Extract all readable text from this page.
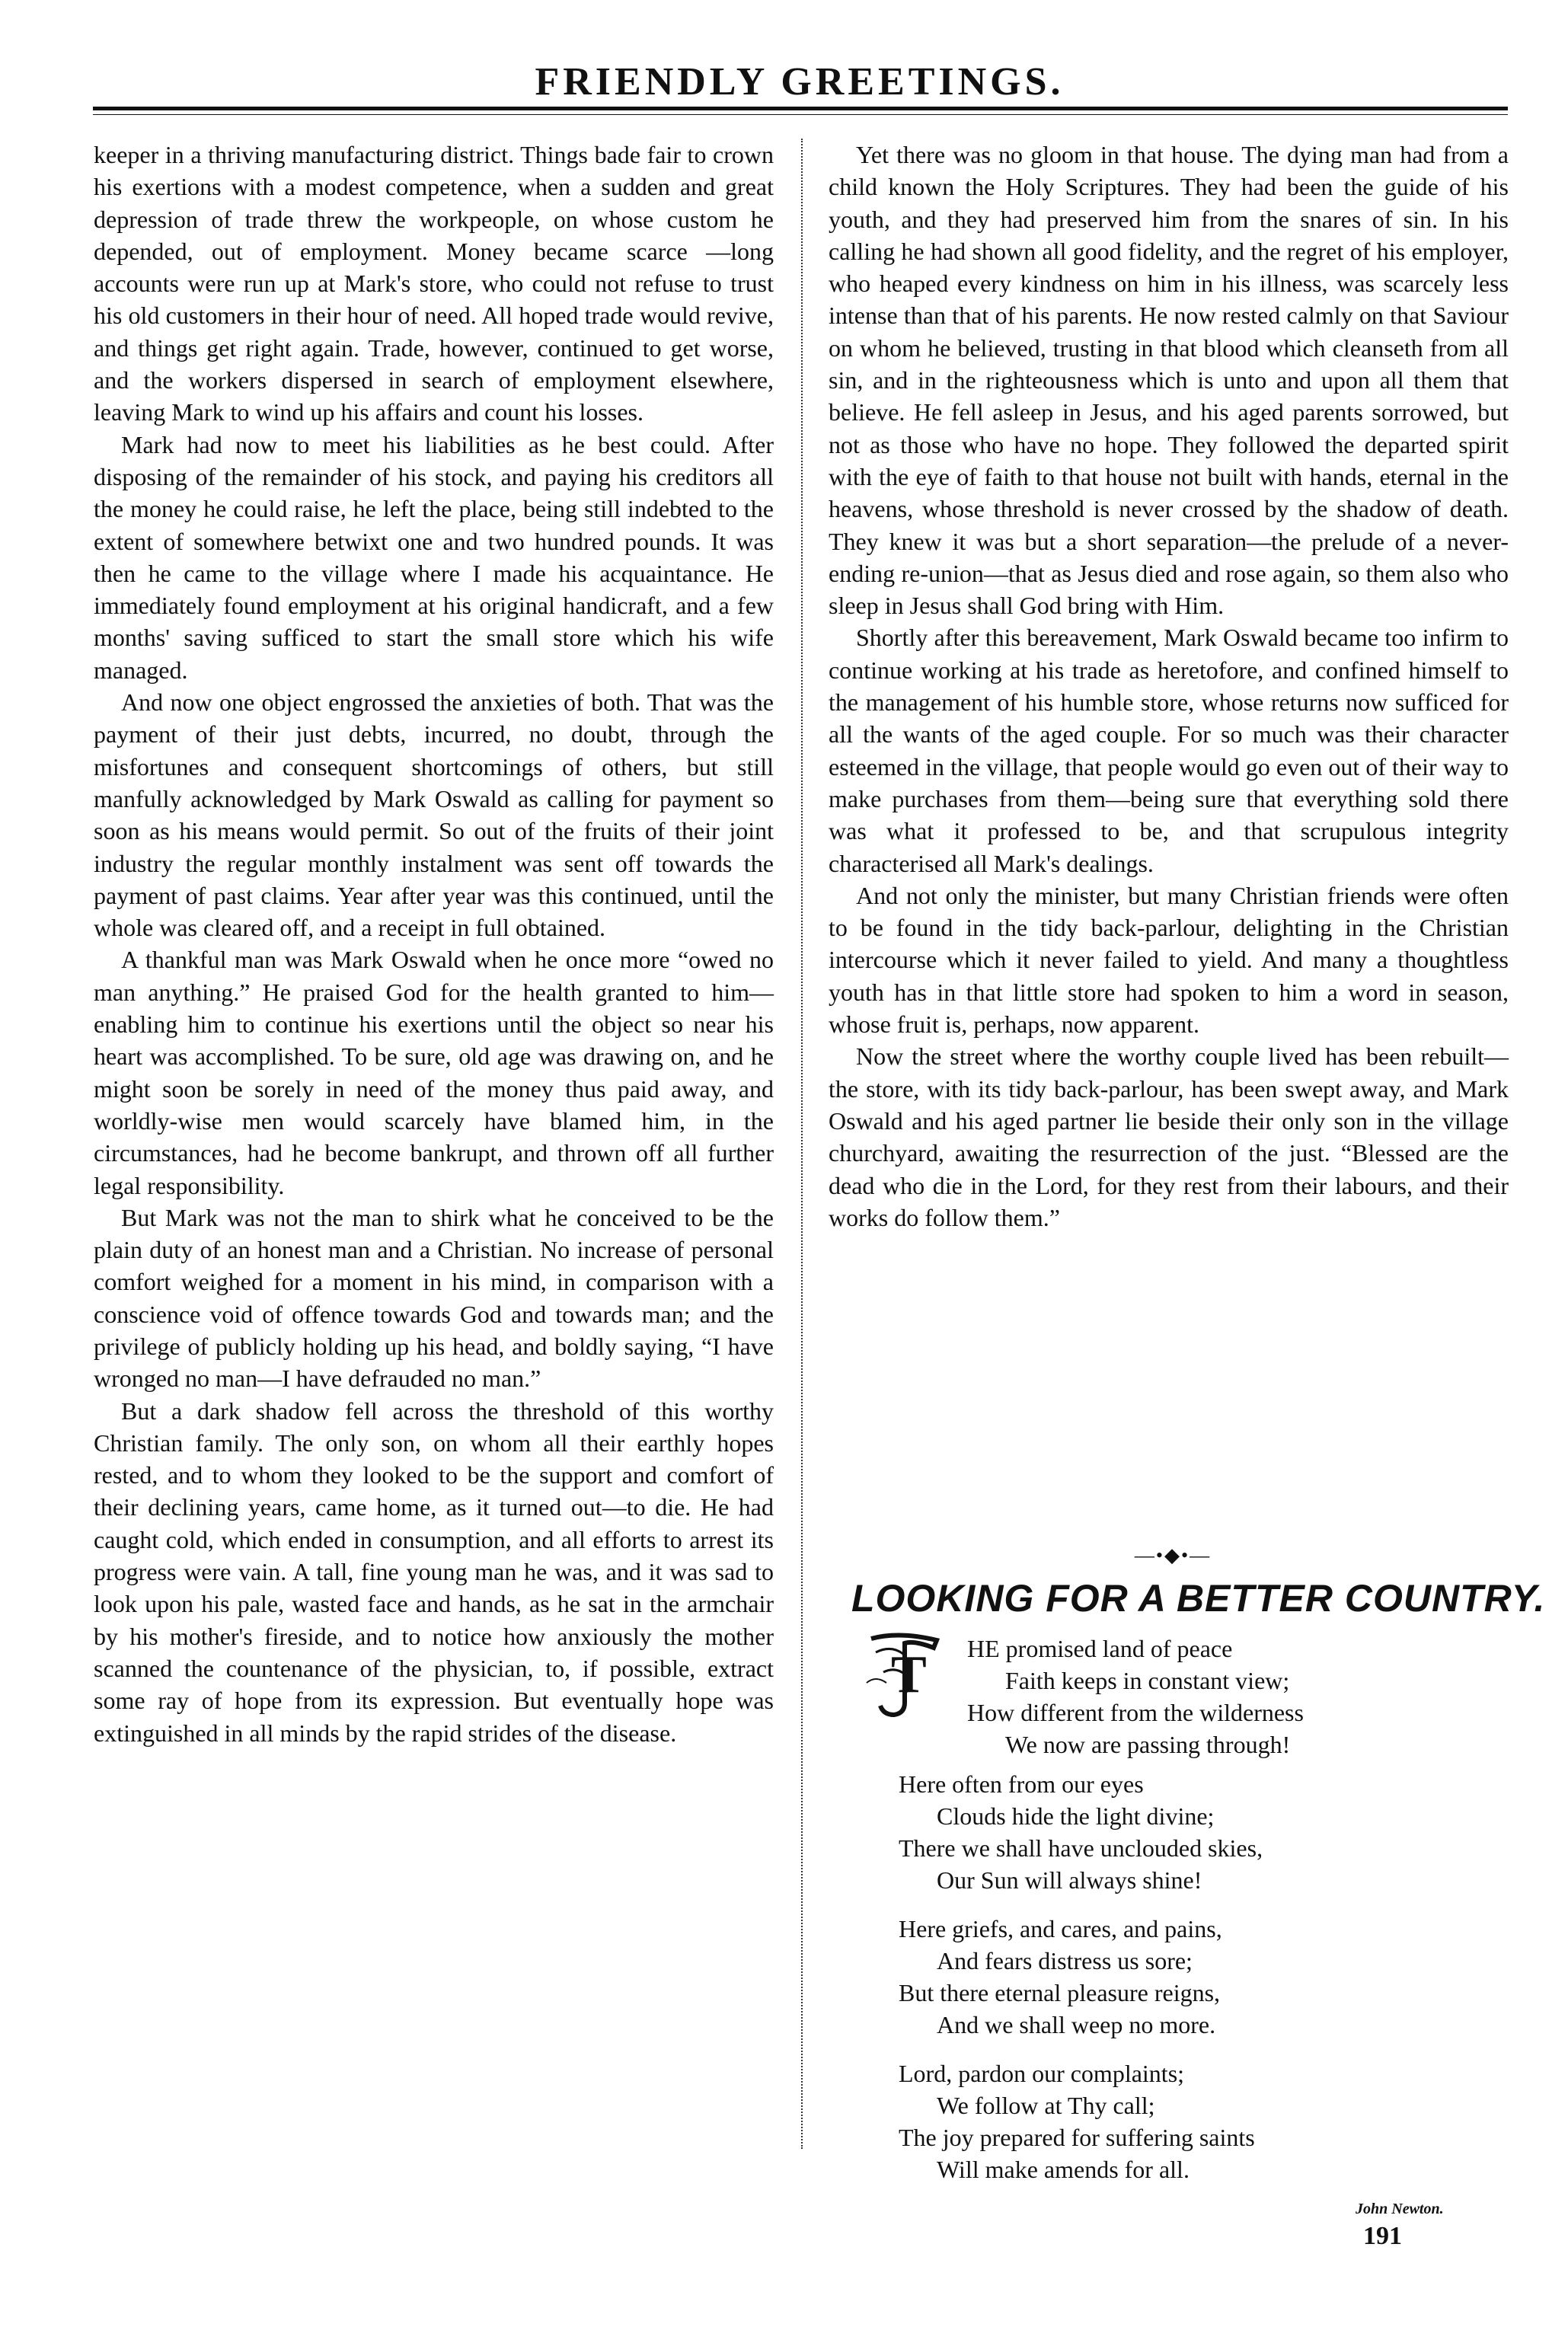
FRIENDLY GREETINGS.

keeper in a thriving manufacturing district. Things bade fair to crown his exertions with a modest competence, when a sudden and great depression of trade threw the workpeople, on whose custom he depended, out of employment. Money became scarce —long accounts were run up at Mark's store, who could not refuse to trust his old customers in their hour of need. All hoped trade would revive, and things get right again. Trade, however, continued to get worse, and the workers dispersed in search of employment elsewhere, leaving Mark to wind up his affairs and count his losses.

Mark had now to meet his liabilities as he best could. After disposing of the remainder of his stock, and paying his creditors all the money he could raise, he left the place, being still indebted to the extent of somewhere betwixt one and two hundred pounds. It was then he came to the village where I made his acquaintance. He immediately found employment at his original handicraft, and a few months' saving sufficed to start the small store which his wife managed.

And now one object engrossed the anxieties of both. That was the payment of their just debts, incurred, no doubt, through the misfortunes and consequent shortcomings of others, but still manfully acknowledged by Mark Oswald as calling for payment so soon as his means would permit. So out of the fruits of their joint industry the regular monthly instalment was sent off towards the payment of past claims. Year after year was this continued, until the whole was cleared off, and a receipt in full obtained.

A thankful man was Mark Oswald when he once more “owed no man anything.” He praised God for the health granted to him—enabling him to continue his exertions until the object so near his heart was accomplished. To be sure, old age was drawing on, and he might soon be sorely in need of the money thus paid away, and worldly-wise men would scarcely have blamed him, in the circumstances, had he become bankrupt, and thrown off all further legal responsibility.

But Mark was not the man to shirk what he conceived to be the plain duty of an honest man and a Christian. No increase of personal comfort weighed for a moment in his mind, in comparison with a conscience void of offence towards God and towards man; and the privilege of publicly holding up his head, and boldly saying, “I have wronged no man—I have defrauded no man.”

But a dark shadow fell across the threshold of this worthy Christian family. The only son, on whom all their earthly hopes rested, and to whom they looked to be the support and comfort of their declining years, came home, as it turned out—to die. He had caught cold, which ended in consumption, and all efforts to arrest its progress were vain. A tall, fine young man he was, and it was sad to look upon his pale, wasted face and hands, as he sat in the armchair by his mother's fireside, and to notice how anxiously the mother scanned the countenance of the physician, to, if possible, extract some ray of hope from its expression. But eventually hope was extinguished in all minds by the rapid strides of the disease.

Yet there was no gloom in that house. The dying man had from a child known the Holy Scriptures. They had been the guide of his youth, and they had preserved him from the snares of sin. In his calling he had shown all good fidelity, and the regret of his employer, who heaped every kindness on him in his illness, was scarcely less intense than that of his parents. He now rested calmly on that Saviour on whom he believed, trusting in that blood which cleanseth from all sin, and in the righteousness which is unto and upon all them that believe. He fell asleep in Jesus, and his aged parents sorrowed, but not as those who have no hope. They followed the departed spirit with the eye of faith to that house not built with hands, eternal in the heavens, whose threshold is never crossed by the shadow of death. They knew it was but a short separation—the prelude of a never-ending re-union—that as Jesus died and rose again, so them also who sleep in Jesus shall God bring with Him.

Shortly after this bereavement, Mark Oswald became too infirm to continue working at his trade as heretofore, and confined himself to the management of his humble store, whose returns now sufficed for all the wants of the aged couple. For so much was their character esteemed in the village, that people would go even out of their way to make purchases from them—being sure that everything sold there was what it professed to be, and that scrupulous integrity characterised all Mark's dealings.

And not only the minister, but many Christian friends were often to be found in the tidy back-parlour, delighting in the Christian intercourse which it never failed to yield. And many a thoughtless youth has in that little store had spoken to him a word in season, whose fruit is, perhaps, now apparent.

Now the street where the worthy couple lived has been rebuilt—the store, with its tidy back-parlour, has been swept away, and Mark Oswald and his aged partner lie beside their only son in the village churchyard, awaiting the resurrection of the just. “Blessed are the dead who die in the Lord, for they rest from their labours, and their works do follow them.”

—•◆•—
LOOKING FOR A BETTER COUNTRY.
T	HE promised land of peace
Faith keeps in constant view;
How different from the wilderness
We now are passing through!
Here often from our eyes
Clouds hide the light divine;
There we shall have unclouded skies,
Our Sun will always shine!
Here griefs, and cares, and pains,
And fears distress us sore;
But there eternal pleasure reigns,
And we shall weep no more.
Lord, pardon our complaints;
We follow at Thy call;
The joy prepared for suffering saints
Will make amends for all.
John Newton.
191
